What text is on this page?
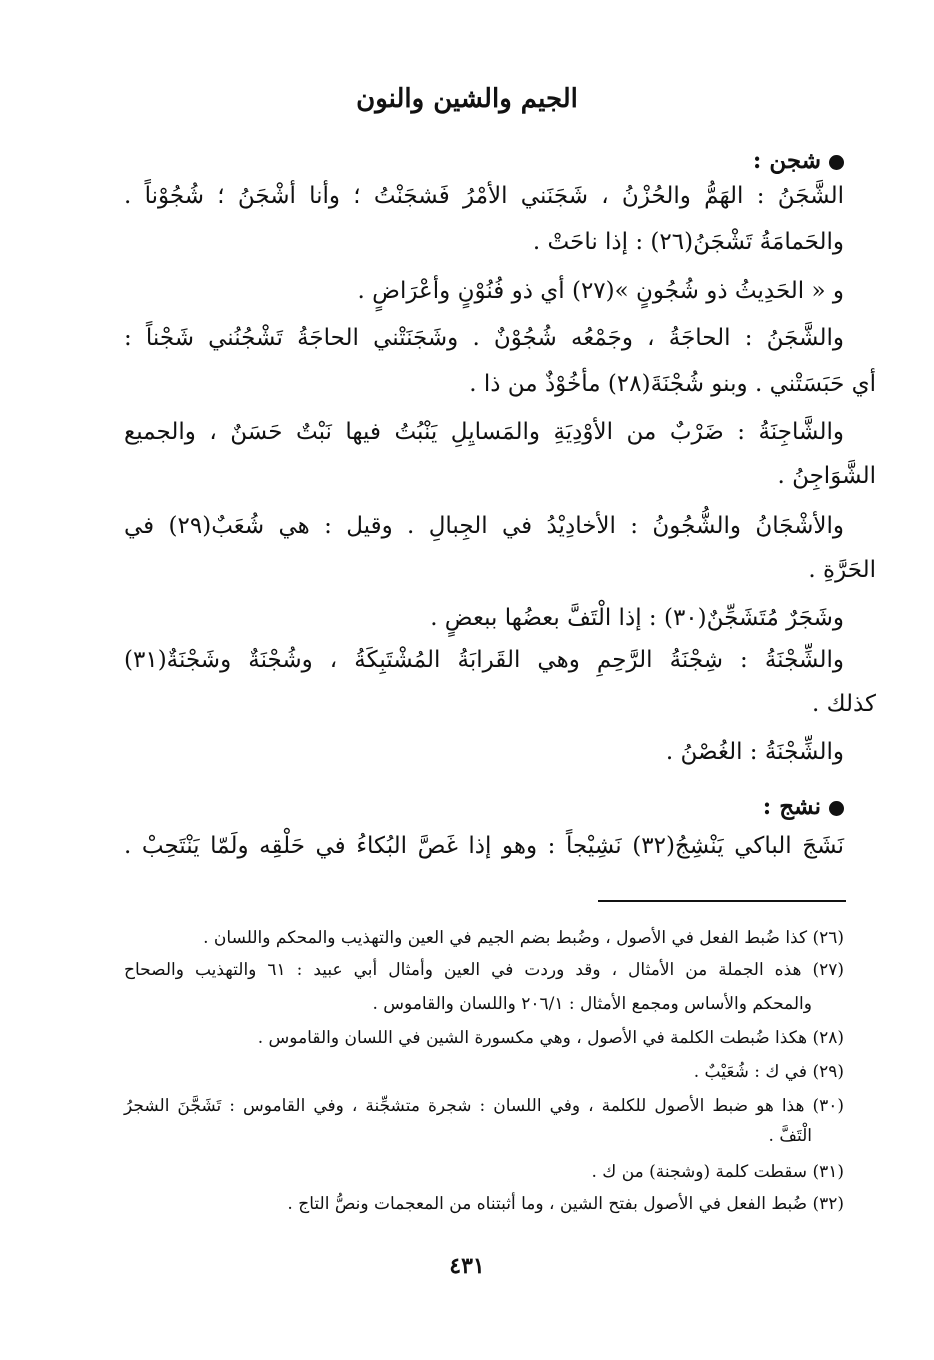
الجيم والشين والنون
شجن :
الشَّجَنُ : الهَمُّ والحُزْنُ ، شَجَنَني الأمْرُ فَشجَنْتُ ؛ وأنا أشْجَنُ ؛ شُجُوْناً .
والحَمامَةُ تَشْجَنُ(٢٦) : إذا ناحَتْ .
و « الحَدِيثُ ذو شُجُونٍ »(٢٧) أي ذو فُنُوْنٍ وأعْرَاضٍ .
والشَّجَنُ : الحاجَةُ ، وجَمْعُه شُجُوْنٌ . وشَجَنَتْني الحاجَةُ تَشْجُنُني شَجْناً :
أي حَبَسَتْني . وبنو شُجْنَةَ(٢٨) مأخُوْذٌ من ذا .
والشَّاجِنَةُ : ضَرْبٌ من الأوْدِيَةِ والمَسايِلِ يَنْبُتُ فيها نَبْتٌ حَسَنٌ ، والجميع
الشَّوَاجِنُ .
والأشْجَانُ والشُّجُونُ : الأخادِيْدُ في الجِبالِ . وقيل : هي شُعَبٌ(٢٩) في
الحَرَّةِ .
وشَجَرٌ مُتَشَجِّنٌ(٣٠) : إذا الْتَفَّ بعضُها ببعضٍ .
والشِّجْنَةُ : شِجْنَةُ الرَّحِمِ وهي القَرابَةُ المُشْتَبِكَةُ ، وشُجْنَةٌ وشَجْنَةٌ(٣١)
كذلك .
والشِّجْنَةُ : الغُصْنُ .
نشج :
نَشَجَ الباكي يَنْشِجُ(٣٢) نَشِيْجاً : وهو إذا غَصَّ البُكاءُ في حَلْقِه ولَمّا يَنْتَحِبْ .
(٢٦) كذا ضُبط الفعل في الأصول ، وضُبط بضم الجيم في العين والتهذيب والمحكم واللسان .
(٢٧) هذه الجملة من الأمثال ، وقد وردت في العين وأمثال أبي عبيد : ٦١ والتهذيب والصحاح
والمحكم والأساس ومجمع الأمثال : ٢٠٦/١ واللسان والقاموس .
(٢٨) هكذا ضُبطت الكلمة في الأصول ، وهي مكسورة الشين في اللسان والقاموس .
(٢٩) في ك : شُعَيْبٌ .
(٣٠) هذا هو ضبط الأصول للكلمة ، وفي اللسان : شجرة متشجِّنة ، وفي القاموس : تَشَجَّنَ الشجرُ
الْتَفَّ .
(٣١) سقطت كلمة (وشجنة) من ك .
(٣٢) ضُبط الفعل في الأصول بفتح الشين ، وما أثبتناه من المعجمات ونصُّ التاج .
٤٣١
